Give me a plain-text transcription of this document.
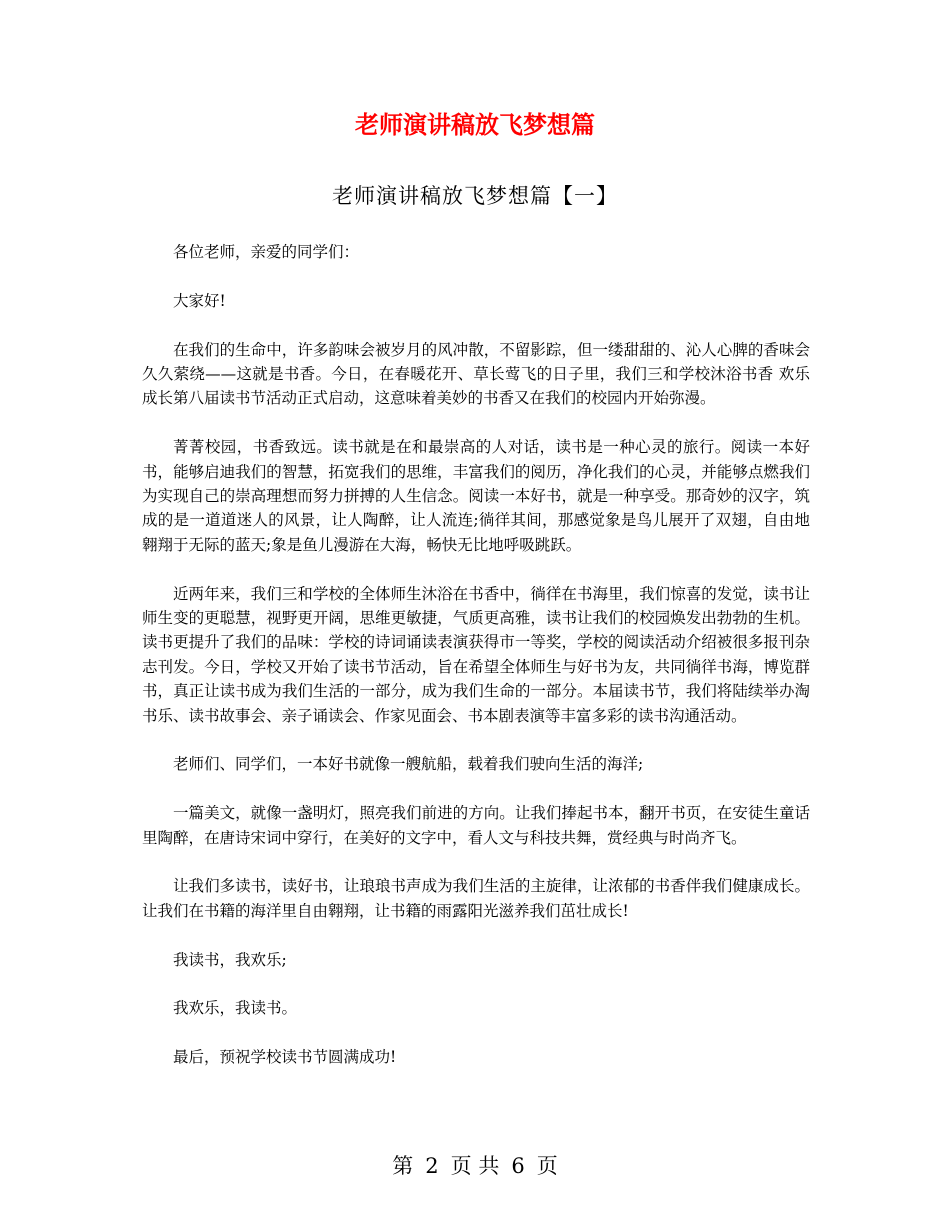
老师演讲稿放飞梦想篇
老师演讲稿放飞梦想篇【一】

各位老师，亲爱的同学们：

大家好!

在我们的生命中，许多韵味会被岁月的风冲散，不留影踪，但一缕甜甜的、沁人心脾的香味会久久萦绕——这就是书香。今日，在春暖花开、草长莺飞的日子里，我们三和学校沐浴书香 欢乐成长第八届读书节活动正式启动，这意味着美妙的书香又在我们的校园内开始弥漫。

菁菁校园，书香致远。读书就是在和最崇高的人对话，读书是一种心灵的旅行。阅读一本好书，能够启迪我们的智慧，拓宽我们的思维，丰富我们的阅历，净化我们的心灵，并能够点燃我们为实现自己的崇高理想而努力拼搏的人生信念。阅读一本好书，就是一种享受。那奇妙的汉字，筑成的是一道道迷人的风景，让人陶醉，让人流连;徜徉其间，那感觉象是鸟儿展开了双翅，自由地翱翔于无际的蓝天;象是鱼儿漫游在大海，畅快无比地呼吸跳跃。

近两年来，我们三和学校的全体师生沐浴在书香中，徜徉在书海里，我们惊喜的发觉，读书让师生变的更聪慧，视野更开阔，思维更敏捷，气质更高雅，读书让我们的校园焕发出勃勃的生机。读书更提升了我们的品味：学校的诗词诵读表演获得市一等奖，学校的阅读活动介绍被很多报刊杂志刊发。今日，学校又开始了读书节活动，旨在希望全体师生与好书为友，共同徜徉书海，博览群书，真正让读书成为我们生活的一部分，成为我们生命的一部分。本届读书节，我们将陆续举办淘书乐、读书故事会、亲子诵读会、作家见面会、书本剧表演等丰富多彩的读书沟通活动。

老师们、同学们，一本好书就像一艘航船，载着我们驶向生活的海洋;

一篇美文，就像一盏明灯，照亮我们前进的方向。让我们捧起书本，翻开书页，在安徒生童话里陶醉，在唐诗宋词中穿行，在美好的文字中，看人文与科技共舞，赏经典与时尚齐飞。

让我们多读书，读好书，让琅琅书声成为我们生活的主旋律，让浓郁的书香伴我们健康成长。让我们在书籍的海洋里自由翱翔，让书籍的雨露阳光滋养我们茁壮成长!

我读书，我欢乐;

我欢乐，我读书。

最后，预祝学校读书节圆满成功!

第 2 页 共 6 页
